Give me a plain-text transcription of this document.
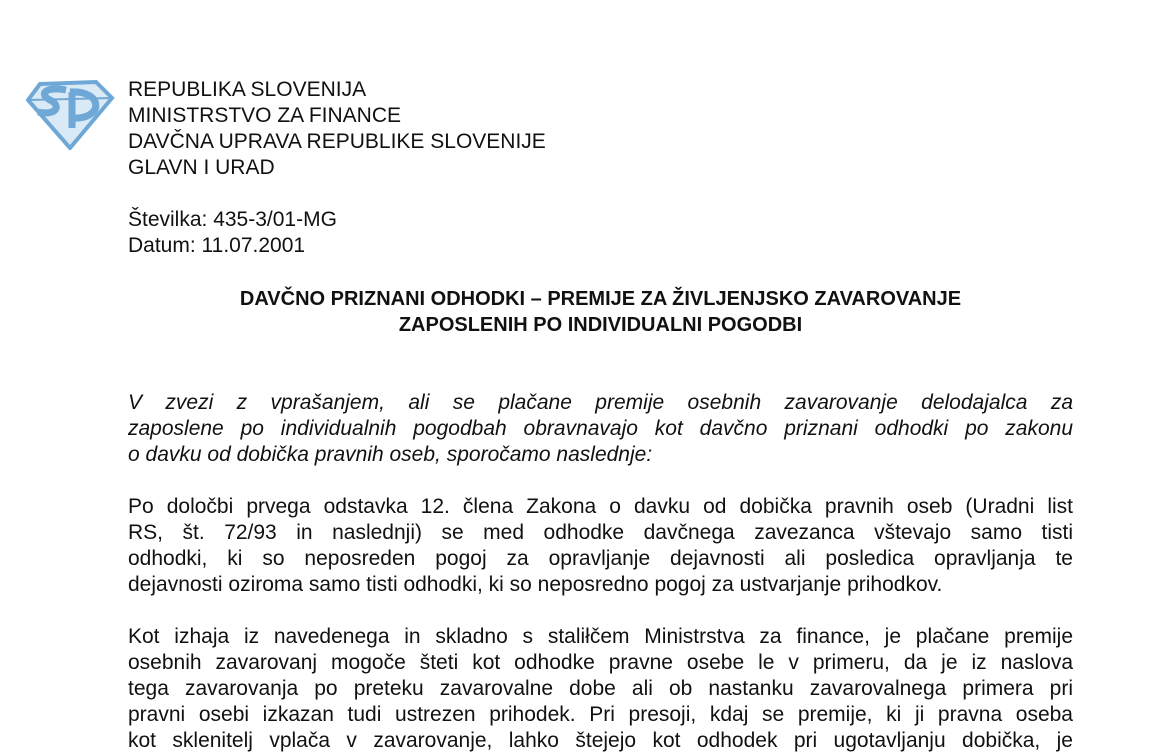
REPUBLIKA SLOVENIJA
MINISTRSTVO ZA FINANCE
DAVČNA UPRAVA REPUBLIKE SLOVENIJE
GLAVN I URAD
Številka: 435-3/01-MG
Datum: 11.07.2001
DAVČNO PRIZNANI ODHODKI – PREMIJE ZA ŽIVLJENJSKO ZAVAROVANJE
ZAPOSLENIH PO INDIVIDUALNI POGODBI
V zvezi z vprašanjem, ali se plačane premije osebnih zavarovanje delodajalca za
zaposlene po individualnih pogodbah obravnavajo kot davčno priznani odhodki po zakonu
o davku od dobička pravnih oseb, sporočamo naslednje:
Po določbi prvega odstavka 12. člena Zakona o davku od dobička pravnih oseb (Uradni list
RS, št. 72/93 in naslednji) se med odhodke davčnega zavezanca vštevajo samo tisti
odhodki, ki so neposreden pogoj za opravljanje dejavnosti ali posledica opravljanja te
dejavnosti oziroma samo tisti odhodki, ki so neposredno pogoj za ustvarjanje prihodkov.
Kot izhaja iz navedenega in skladno s staliłčem Ministrstva za finance, je plačane premije
osebnih zavarovanj mogoče šteti kot odhodke pravne osebe le v primeru, da je iz naslova
tega zavarovanja po preteku zavarovalne dobe ali ob nastanku zavarovalnega primera pri
pravni osebi izkazan tudi ustrezen prihodek. Pri presoji, kdaj se premije, ki ji pravna oseba
kot sklenitelj vplača v zavarovanje, lahko štejejo kot odhodek pri ugotavljanju dobička, je
